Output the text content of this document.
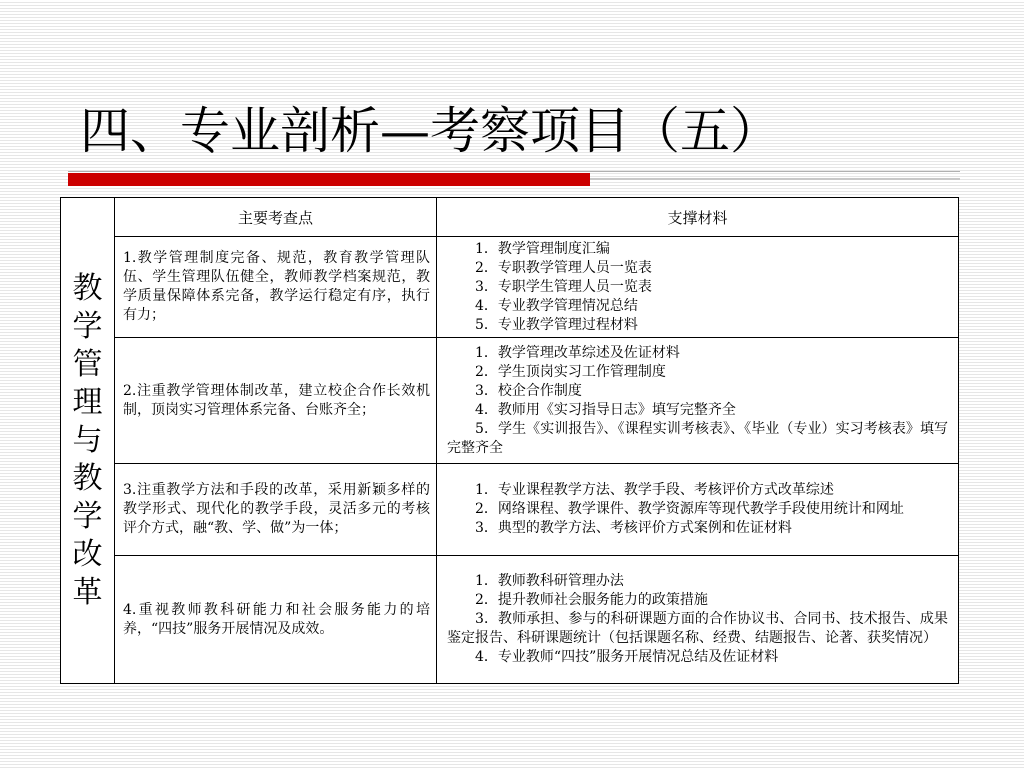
四、专业剖析—考察项目（五）
教学管理与教学改革	主要考查点	支撑材料
	1.教学管理制度完备、规范，教育教学管理队伍、学生管理队伍健全，教师教学档案规范，教学质量保障体系完备，教学运行稳定有序，执行有力；	1．教学管理制度汇编
2．专职教学管理人员一览表
3．专职学生管理人员一览表
4．专业教学管理情况总结
5．专业教学管理过程材料

	2.注重教学管理体制改革，建立校企合作长效机制，顶岗实习管理体系完备、台账齐全；	1．教学管理改革综述及佐证材料
2．学生顶岗实习工作管理制度
3．校企合作制度
4．教师用《实习指导日志》填写完整齐全
5．学生《实训报告》、《课程实训考核表》、《毕业（专业）实习考核表》填写完整齐全

	3.注重教学方法和手段的改革，采用新颖多样的教学形式、现代化的教学手段，灵活多元的考核评介方式，融“教、学、做”为一体；	1．专业课程教学方法、教学手段、考核评价方式改革综述
2．网络课程、教学课件、教学资源库等现代教学手段使用统计和网址
3．典型的教学方法、考核评价方式案例和佐证材料

	4.重视教师教科研能力和社会服务能力的培养，“四技”服务开展情况及成效。	1．教师教科研管理办法
2．提升教师社会服务能力的政策措施
3．教师承担、参与的科研课题方面的合作协议书、合同书、技术报告、成果鉴定报告、科研课题统计（包括课题名称、经费、结题报告、论著、获奖情况）
4．专业教师“四技”服务开展情况总结及佐证材料
